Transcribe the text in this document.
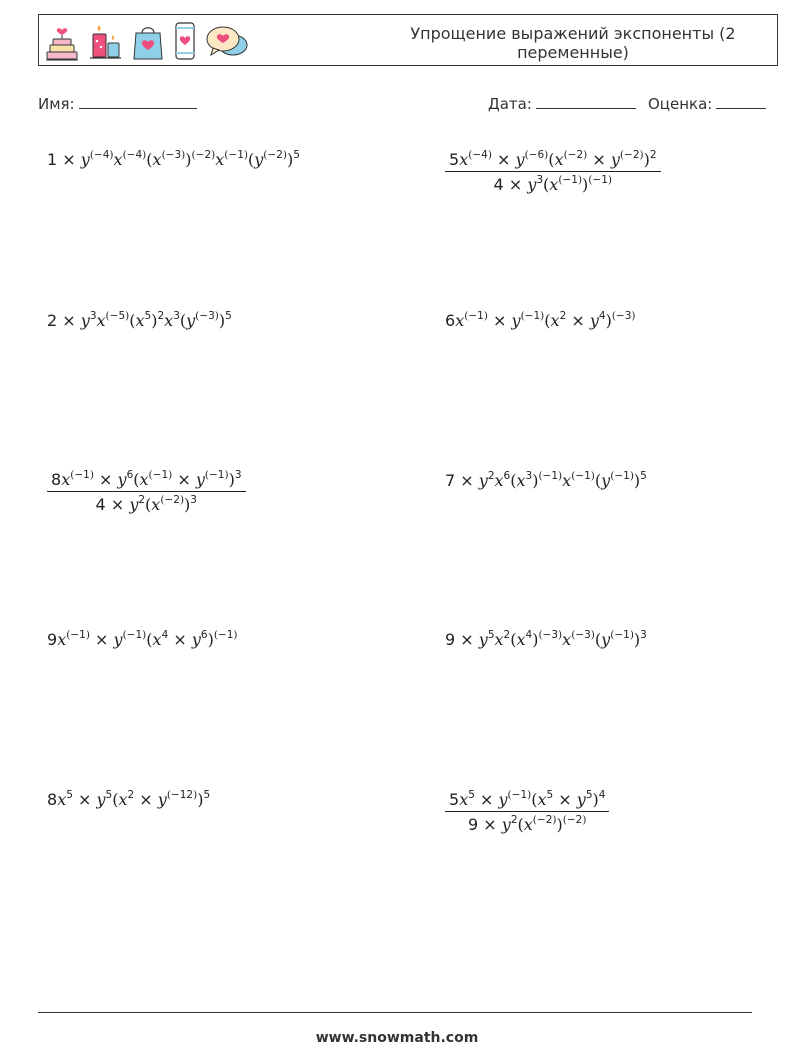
Упрощение выражений экспоненты (2 переменные)
Имя:	Дата:	Оценка:
$1 \times y^{(-4)}x^{(-4)}(x^{(-3)})^{(-2)}x^{(-1)}(y^{(-2)})^5$	$\frac{5x^{(-4)} \times y^{(-6)}(x^{(-2)} \times y^{(-2)})^2}{4 \times y^3(x^{(-1)})^{(-1)}}$
$2 \times y^3x^{(-5)}(x^5)^2x^3(y^{(-3)})^5$	$6x^{(-1)} \times y^{(-1)}(x^2 \times y^4)^{(-3)}$
$\frac{8x^{(-1)} \times y^6(x^{(-1)} \times y^{(-1)})^3}{4 \times y^2(x^{(-2)})^3}$	$7 \times y^2x^6(x^3)^{(-1)}x^{(-1)}(y^{(-1)})^5$
$9x^{(-1)} \times y^{(-1)}(x^4 \times y^6)^{(-1)}$	$9 \times y^5x^2(x^4)^{(-3)}x^{(-3)}(y^{(-1)})^3$
$8x^5 \times y^5(x^2 \times y^{(-12)})^5$	$\frac{5x^5 \times y^{(-1)}(x^5 \times y^5)^4}{9 \times y^2(x^{(-2)})^{(-2)}}$
www.snowmath.com
